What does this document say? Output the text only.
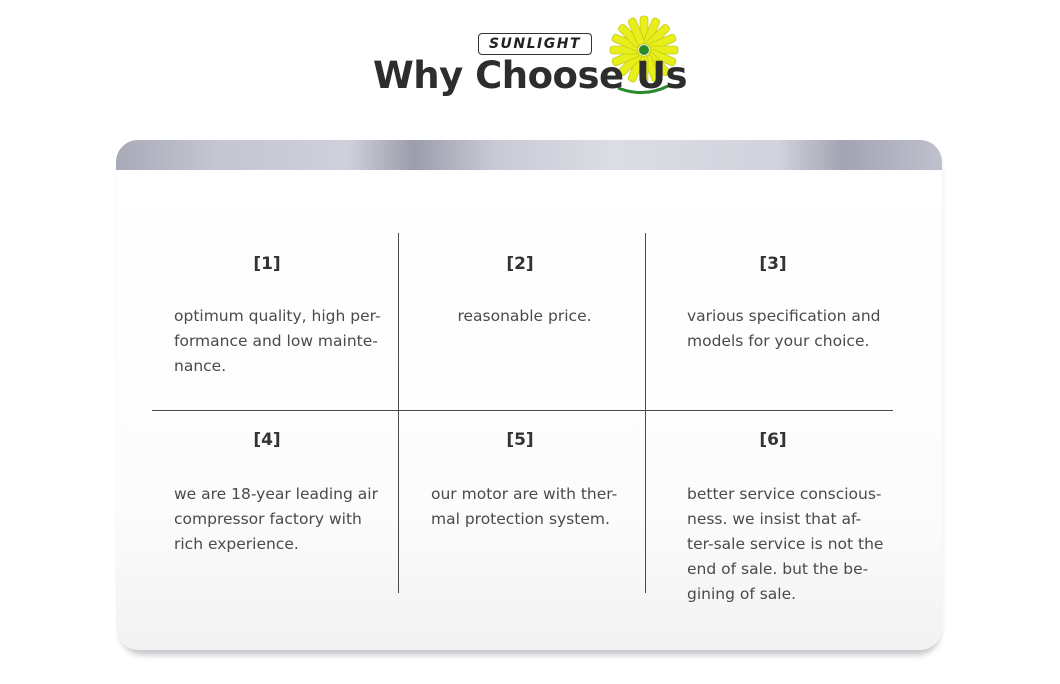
SUNLIGHT
Why Choose Us
[1]
optimum quality, high per-
formance and low mainte-
nance.
[2]
reasonable price.
[3]
various specification and
models for your choice.
[4]
we are 18-year leading air
compressor factory with
rich experience.
[5]
our motor are with ther-
mal protection system.
[6]
better service conscious-
ness. we insist that af-
ter-sale service is not the
end of sale. but the be-
gining of sale.
